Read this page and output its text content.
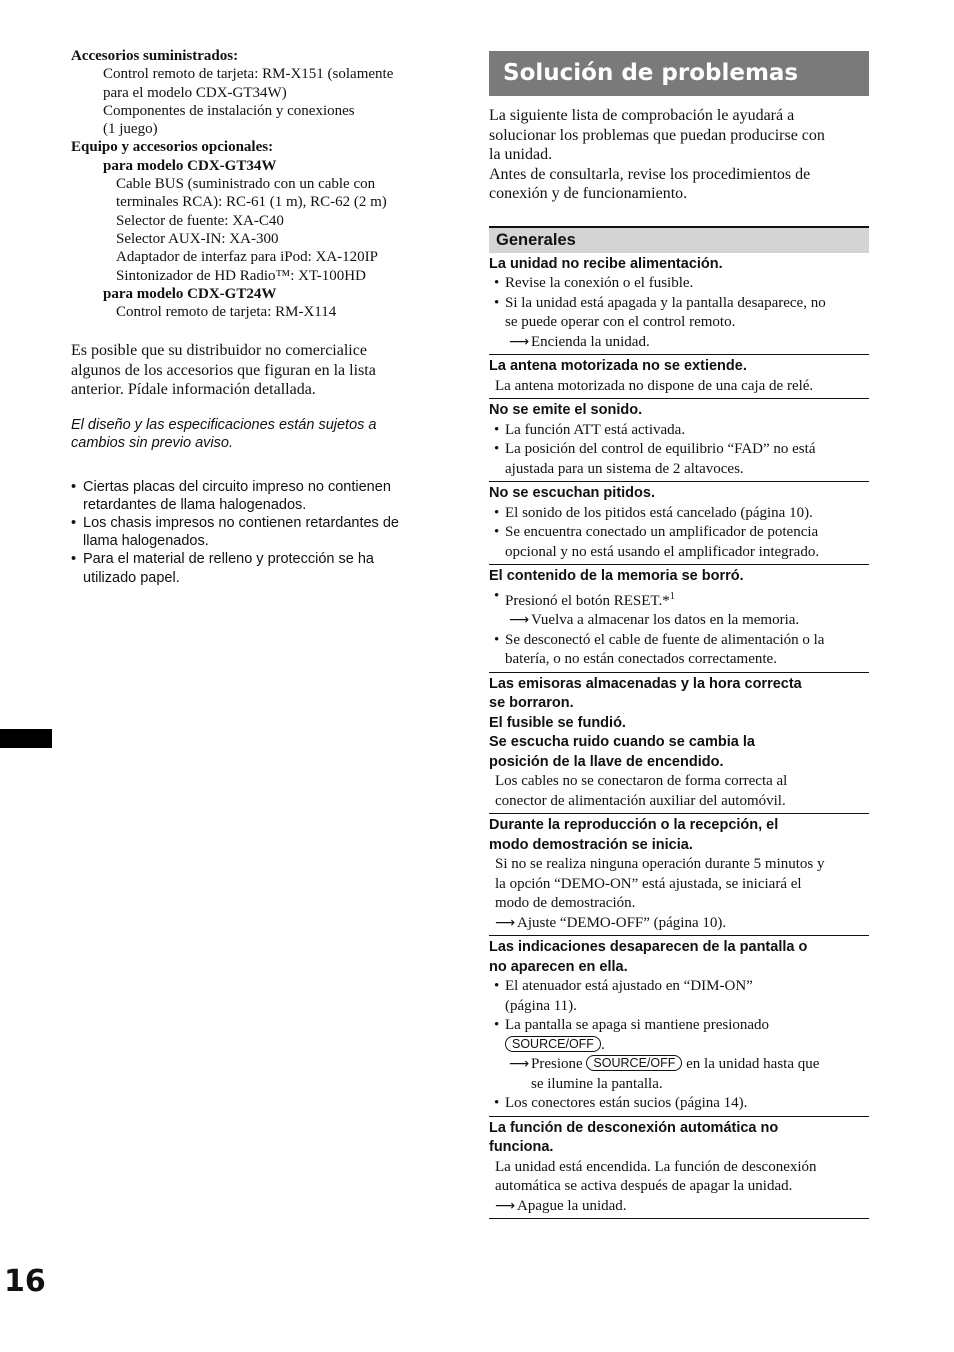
Accesorios suministrados:
Control remoto de tarjeta: RM-X151 (solamente
para el modelo CDX-GT34W)
Componentes de instalación y conexiones
(1 juego)
Equipo y accesorios opcionales:
para modelo CDX-GT34W
Cable BUS (suministrado con un cable con
terminales RCA): RC-61 (1 m), RC-62 (2 m)
Selector de fuente: XA-C40
Selector AUX-IN: XA-300
Adaptador de interfaz para iPod: XA-120IP
Sintonizador de HD Radio™: XT-100HD
para modelo CDX-GT24W
Control remoto de tarjeta: RM-X114
Es posible que su distribuidor no comercialice
algunos de los accesorios que figuran en la lista
anterior. Pídale información detallada.
El diseño y las especificaciones están sujetos a
cambios sin previo aviso.
• Ciertas placas del circuito impreso no contienen
retardantes de llama halogenados.
• Los chasis impresos no contienen retardantes de
llama halogenados.
• Para el material de relleno y protección se ha
utilizado papel.
Solución de problemas
La siguiente lista de comprobación le ayudará a
solucionar los problemas que puedan producirse con
la unidad.
Antes de consultarla, revise los procedimientos de
conexión y de funcionamiento.
Generales
La unidad no recibe alimentación.
• Revise la conexión o el fusible.
• Si la unidad está apagada y la pantalla desaparece, no
se puede operar con el control remoto.
⟶ Encienda la unidad.
La antena motorizada no se extiende.
La antena motorizada no dispone de una caja de relé.
No se emite el sonido.
• La función ATT está activada.
• La posición del control de equilibrio “FAD” no está
ajustada para un sistema de 2 altavoces.
No se escuchan pitidos.
• El sonido de los pitidos está cancelado (página 10).
• Se encuentra conectado un amplificador de potencia
opcional y no está usando el amplificador integrado.
El contenido de la memoria se borró.
• Presionó el botón RESET.*$^1$
⟶ Vuelva a almacenar los datos en la memoria.
• Se desconectó el cable de fuente de alimentación o la
batería, o no están conectados correctamente.
Las emisoras almacenadas y la hora correcta
se borraron.
El fusible se fundió.
Se escucha ruido cuando se cambia la
posición de la llave de encendido.
Los cables no se conectaron de forma correcta al
conector de alimentación auxiliar del automóvil.
Durante la reproducción o la recepción, el
modo demostración se inicia.
Si no se realiza ninguna operación durante 5 minutos y
la opción “DEMO-ON” está ajustada, se iniciará el
modo de demostración.
⟶ Ajuste “DEMO-OFF” (página 10).
Las indicaciones desaparecen de la pantalla o
no aparecen en ella.
• El atenuador está ajustado en “DIM-ON”
(página 11).
• La pantalla se apaga si mantiene presionado
SOURCE/OFF .
⟶ Presione SOURCE/OFF en la unidad hasta que
se ilumine la pantalla.
• Los conectores están sucios (página 14).
La función de desconexión automática no
funciona.
La unidad está encendida. La función de desconexión
automática se activa después de apagar la unidad.
⟶ Apague la unidad.
16
